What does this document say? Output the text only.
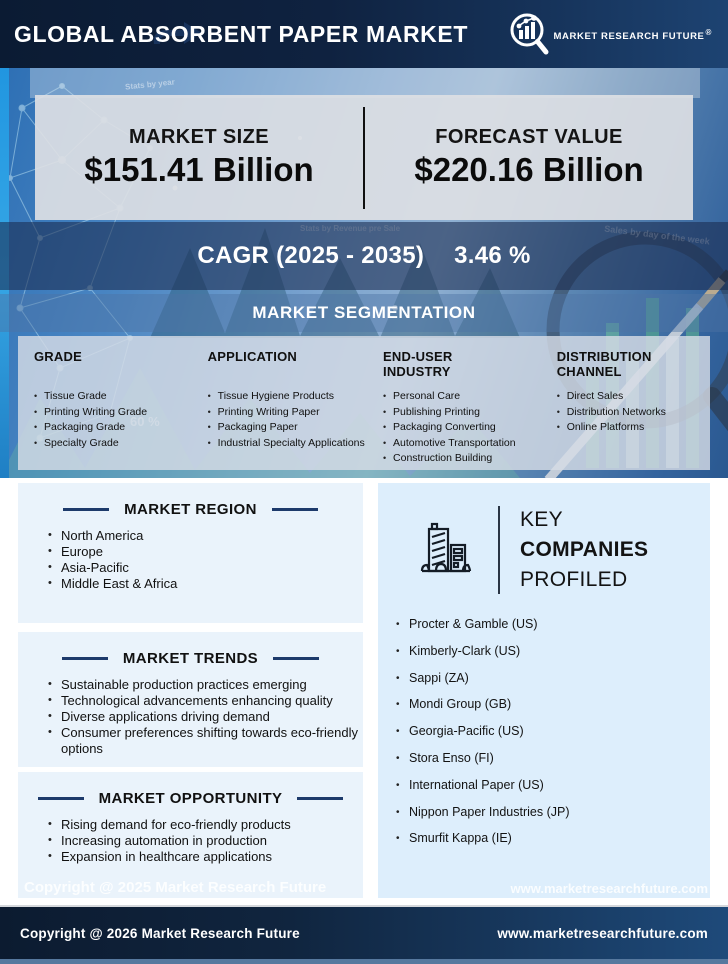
GLOBAL ABSORBENT PAPER MARKET	MARKET RESEARCH FUTURE®
Stats by year
MARKET SIZE
$151.41 Billion
FORECAST VALUE
$220.16 Billion
CAGR (2025 - 2035) 3.46 %
MARKET SEGMENTATION
GRADE
• Tissue Grade
• Printing Writing Grade
• Packaging Grade
• Specialty Grade
APPLICATION
• Tissue Hygiene Products
• Printing Writing Paper
• Packaging Paper
• Industrial Specialty Applications
END-USER INDUSTRY
• Personal Care
• Publishing Printing
• Packaging Converting
• Automotive Transportation
• Construction Building
DISTRIBUTION CHANNEL
• Direct Sales
• Distribution Networks
• Online Platforms
MARKET REGION
• North America
• Europe
• Asia-Pacific
• Middle East & Africa
MARKET TRENDS
• Sustainable production practices emerging
• Technological advancements enhancing quality
• Diverse applications driving demand
• Consumer preferences shifting towards eco-friendly options
MARKET OPPORTUNITY
• Rising demand for eco-friendly products
• Increasing automation in production
• Expansion in healthcare applications
KEY
COMPANIES
PROFILED
• Procter & Gamble (US)
• Kimberly-Clark (US)
• Sappi (ZA)
• Mondi Group (GB)
• Georgia-Pacific (US)
• Stora Enso (FI)
• International Paper (US)
• Nippon Paper Industries (JP)
• Smurfit Kappa (IE)
Copyright @ 2025 Market Research Future	www.marketresearchfuture.com
Copyright @ 2026 Market Research Future	www.marketresearchfuture.com
